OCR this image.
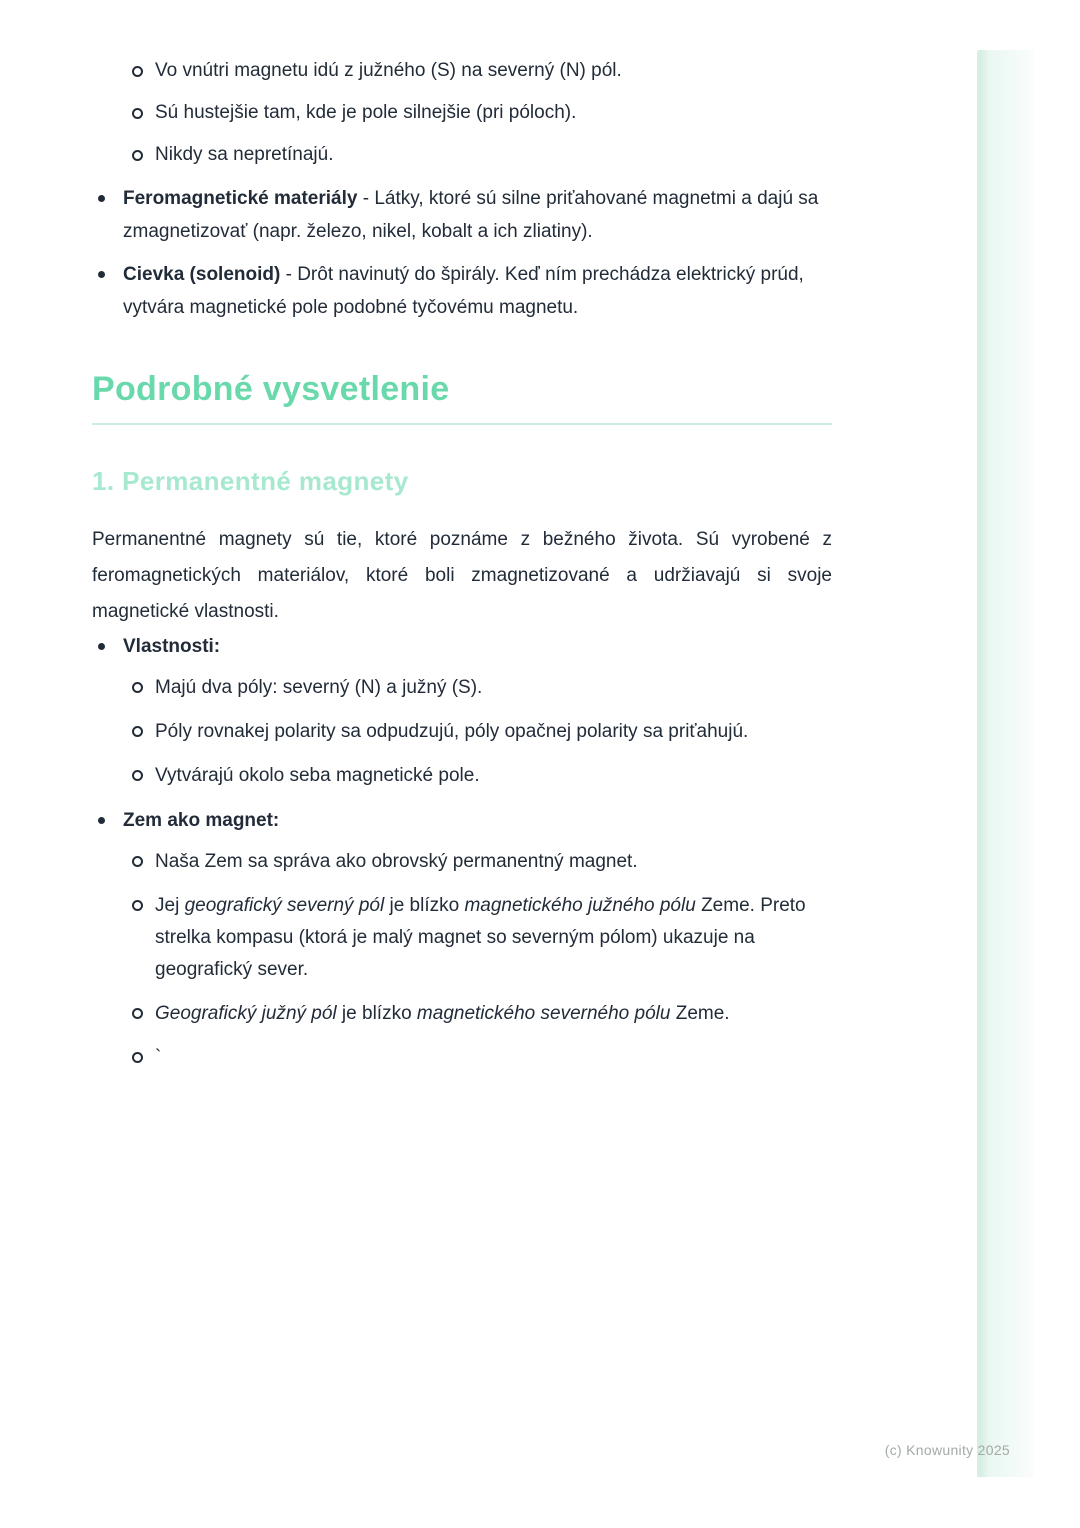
Vo vnútri magnetu idú z južného (S) na severný (N) pól.
Sú hustejšie tam, kde je pole silnejšie (pri póloch).
Nikdy sa nepretínajú.
Feromagnetické materiály - Látky, ktoré sú silne priťahované magnetmi a dajú sa zmagnetizovať (napr. železo, nikel, kobalt a ich zliatiny).
Cievka (solenoid) - Drôt navinutý do špirály. Keď ním prechádza elektrický prúd, vytvára magnetické pole podobné tyčovému magnetu.
Podrobné vysvetlenie
1. Permanentné magnety

Permanentné magnety sú tie, ktoré poznáme z bežného života. Sú vyrobené z feromagnetických materiálov, ktoré boli zmagnetizované a udržiavajú si svoje magnetické vlastnosti.

Vlastnosti:
Majú dva póly: severný (N) a južný (S).
Póly rovnakej polarity sa odpudzujú, póly opačnej polarity sa priťahujú.
Vytvárajú okolo seba magnetické pole.
Zem ako magnet:
Naša Zem sa správa ako obrovský permanentný magnet.
Jej geografický severný pól je blízko magnetického južného pólu Zeme. Preto strelka kompasu (ktorá je malý magnet so severným pólom) ukazuje na geografický sever.
Geografický južný pól je blízko magnetického severného pólu Zeme.
`
(c) Knowunity 2025
